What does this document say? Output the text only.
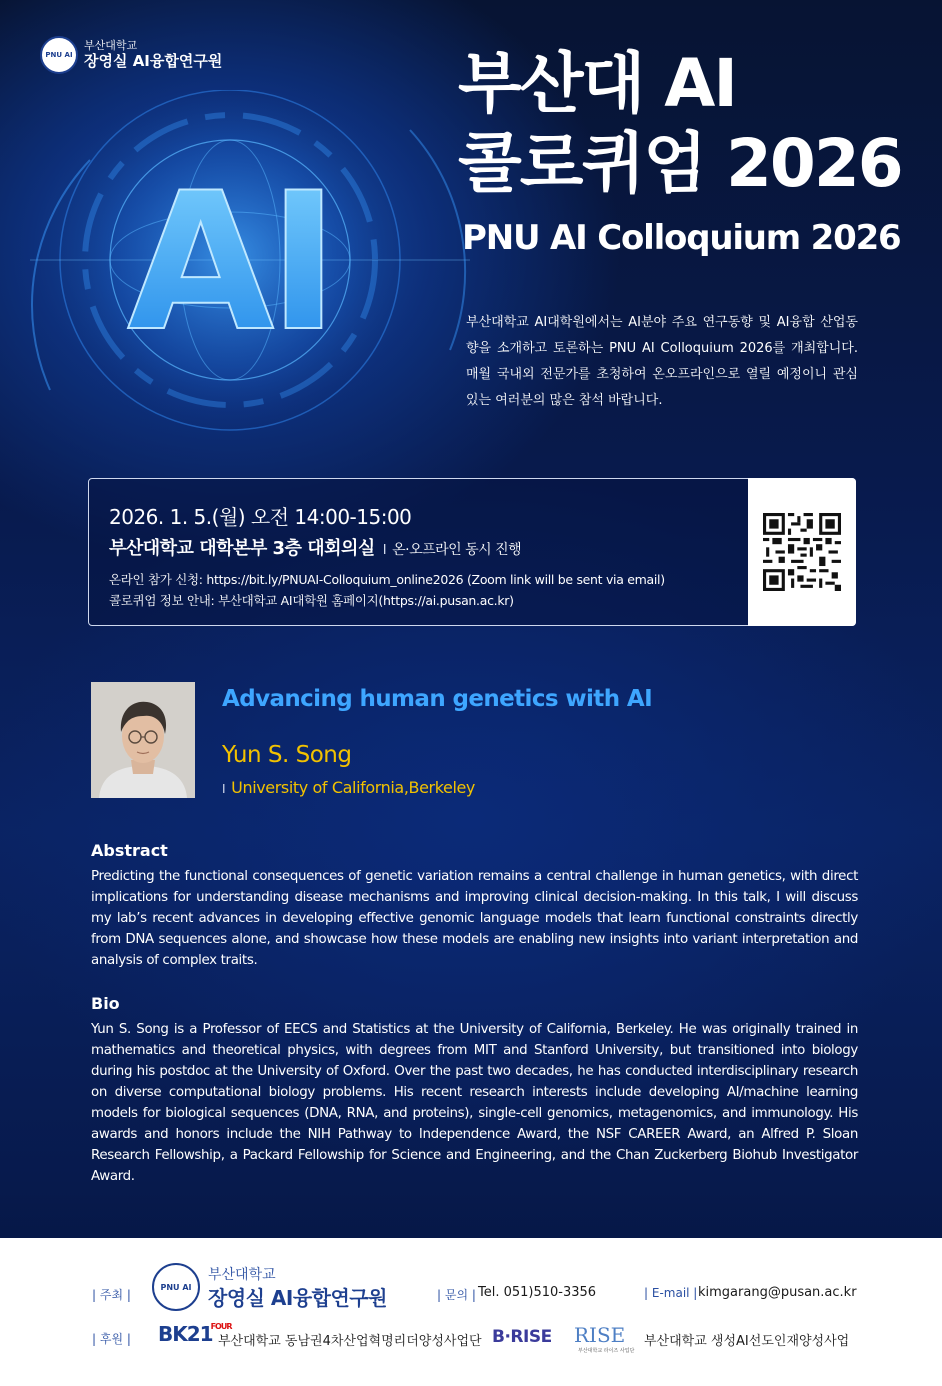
PNU AI
부산대학교
장영실 AI융합연구원
AI
부산대 AI
콜로퀴엄 2026
PNU AI Colloquium 2026
부산대학교 AI대학원에서는 AI분야 주요 연구동향 및 AI융합 산업동향을 소개하고 토론하는 PNU AI Colloquium 2026를 개최합니다. 매월 국내외 전문가를 초청하여 온오프라인으로 열릴 예정이니 관심 있는 여러분의 많은 참석 바랍니다.
2026. 1. 5.(월) 오전 14:00-15:00
부산대학교 대학본부 3층 대회의실 I 온·오프라인 동시 진행
온라인 참가 신청: https://bit.ly/PNUAI-Colloquium_online2026 (Zoom link will be sent via email)
콜로퀴엄 정보 안내: 부산대학교 AI대학원 홈페이지(https://ai.pusan.ac.kr)
Advancing human genetics with AI
Yun S. Song
I University of California,Berkeley
Abstract
Predicting the functional consequences of genetic variation remains a central challenge in human genetics, with direct implications for understanding disease mechanisms and improving clinical decision-making. In this talk, I will discuss my lab’s recent advances in developing effective genomic language models that learn functional constraints directly from DNA sequences alone, and showcase how these models are enabling new insights into variant interpretation and analysis of complex traits.
Bio
Yun S. Song is a Professor of EECS and Statistics at the University of California, Berkeley. He was originally trained in mathematics and theoretical physics, with degrees from MIT and Stanford University, but transitioned into biology during his postdoc at the University of Oxford. Over the past two decades, he has conducted interdisciplinary research on diverse computational biology problems. His recent research interests include developing AI/machine learning models for biological sequences (DNA, RNA, and proteins), single-cell genomics, metagenomics, and immunology. His awards and honors include the NIH Pathway to Independence Award, the NSF CAREER Award, an Alfred P. Sloan Research Fellowship, a Packard Fellowship for Science and Engineering, and the Chan Zuckerberg Biohub Investigator Award.
| 주최 |
PNU AI
부산대학교
장영실 AI융합연구원	| 문의 | Tel. 051)510-3356	| E-mail | kimgarang@pusan.ac.kr
| 후원 | $BK21^{FOUR}$
부산대학교 동남권4차산업혁명리더양성사업단 B·RISE RISE
부산대학교 라이즈 사업단
부산대학교 생성AI선도인재양성사업
